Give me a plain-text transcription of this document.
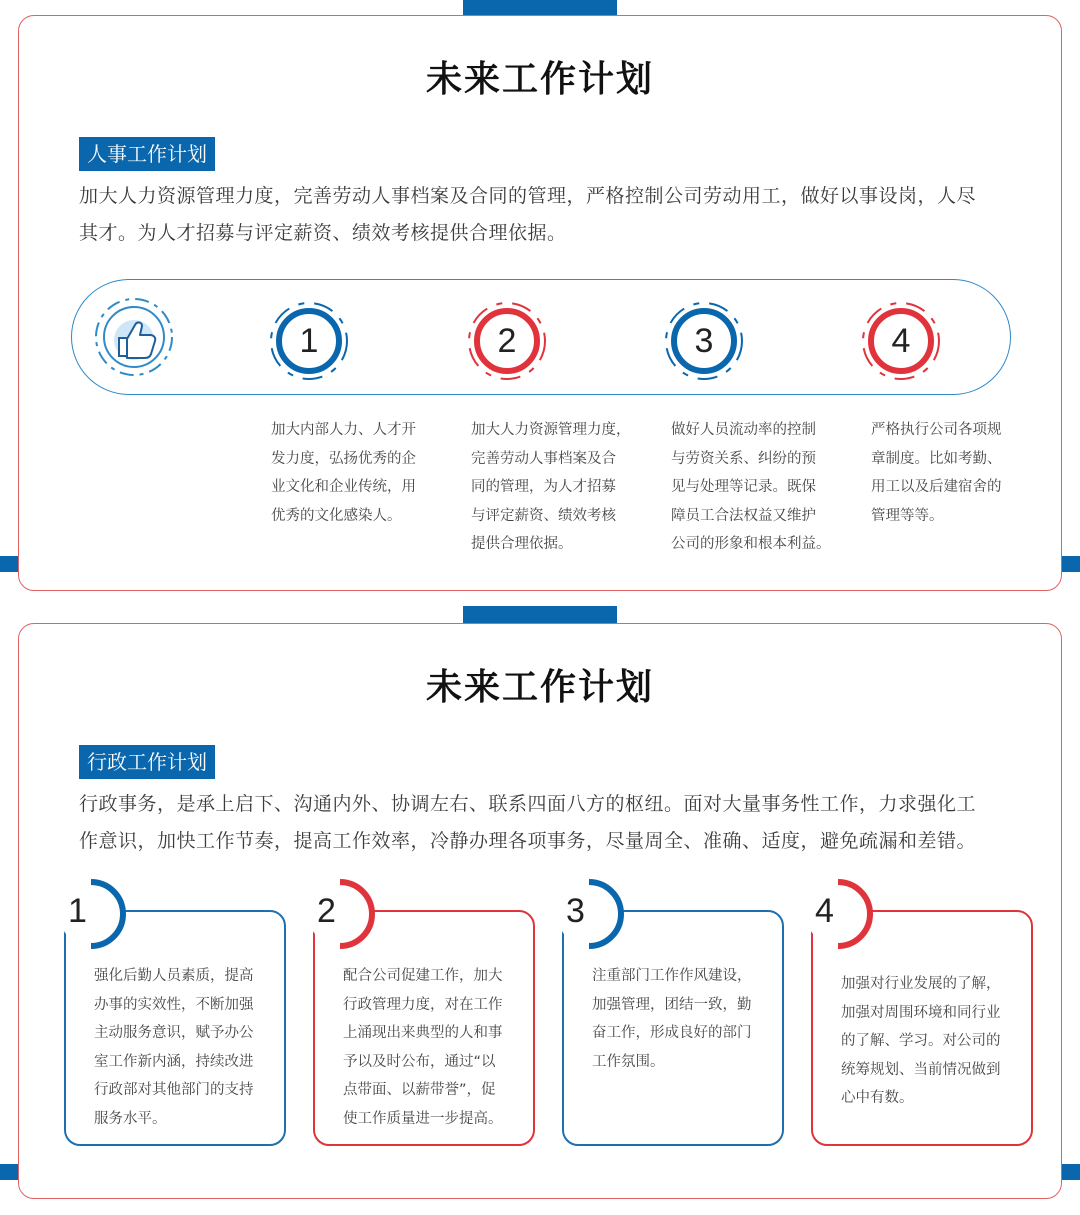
未来工作计划
人事工作计划
加大人力资源管理力度，完善劳动人事档案及合同的管理，严格控制公司劳动用工，做好以事设岗，人尽
其才。为人才招募与评定薪资、绩效考核提供合理依据。
1	2	3	4
加大内部人力、人才开
发力度，弘扬优秀的企
业文化和企业传统，用
优秀的文化感染人。
加大人力资源管理力度，
完善劳动人事档案及合
同的管理，为人才招募
与评定薪资、绩效考核
提供合理依据。
做好人员流动率的控制
与劳资关系、纠纷的预
见与处理等记录。既保
障员工合法权益又维护
公司的形象和根本利益。
严格执行公司各项规
章制度。比如考勤、
用工以及后建宿舍的
管理等等。
未来工作计划
行政工作计划
行政事务，是承上启下、沟通内外、协调左右、联系四面八方的枢纽。面对大量事务性工作，力求强化工
作意识，加快工作节奏，提高工作效率，冷静办理各项事务，尽量周全、准确、适度，避免疏漏和差错。
强化后勤人员素质，提高
办事的实效性，不断加强
主动服务意识，赋予办公
室工作新内涵，持续改进
行政部对其他部门的支持
服务水平。
1
配合公司促建工作，加大
行政管理力度，对在工作
上涌现出来典型的人和事
予以及时公布，通过“以
点带面、以薪带誉”，促
使工作质量进一步提高。
2
注重部门工作作风建设，
加强管理，团结一致，勤
奋工作，形成良好的部门
工作氛围。
3
加强对行业发展的了解，
加强对周围环境和同行业
的了解、学习。对公司的
统筹规划、当前情况做到
心中有数。
4
